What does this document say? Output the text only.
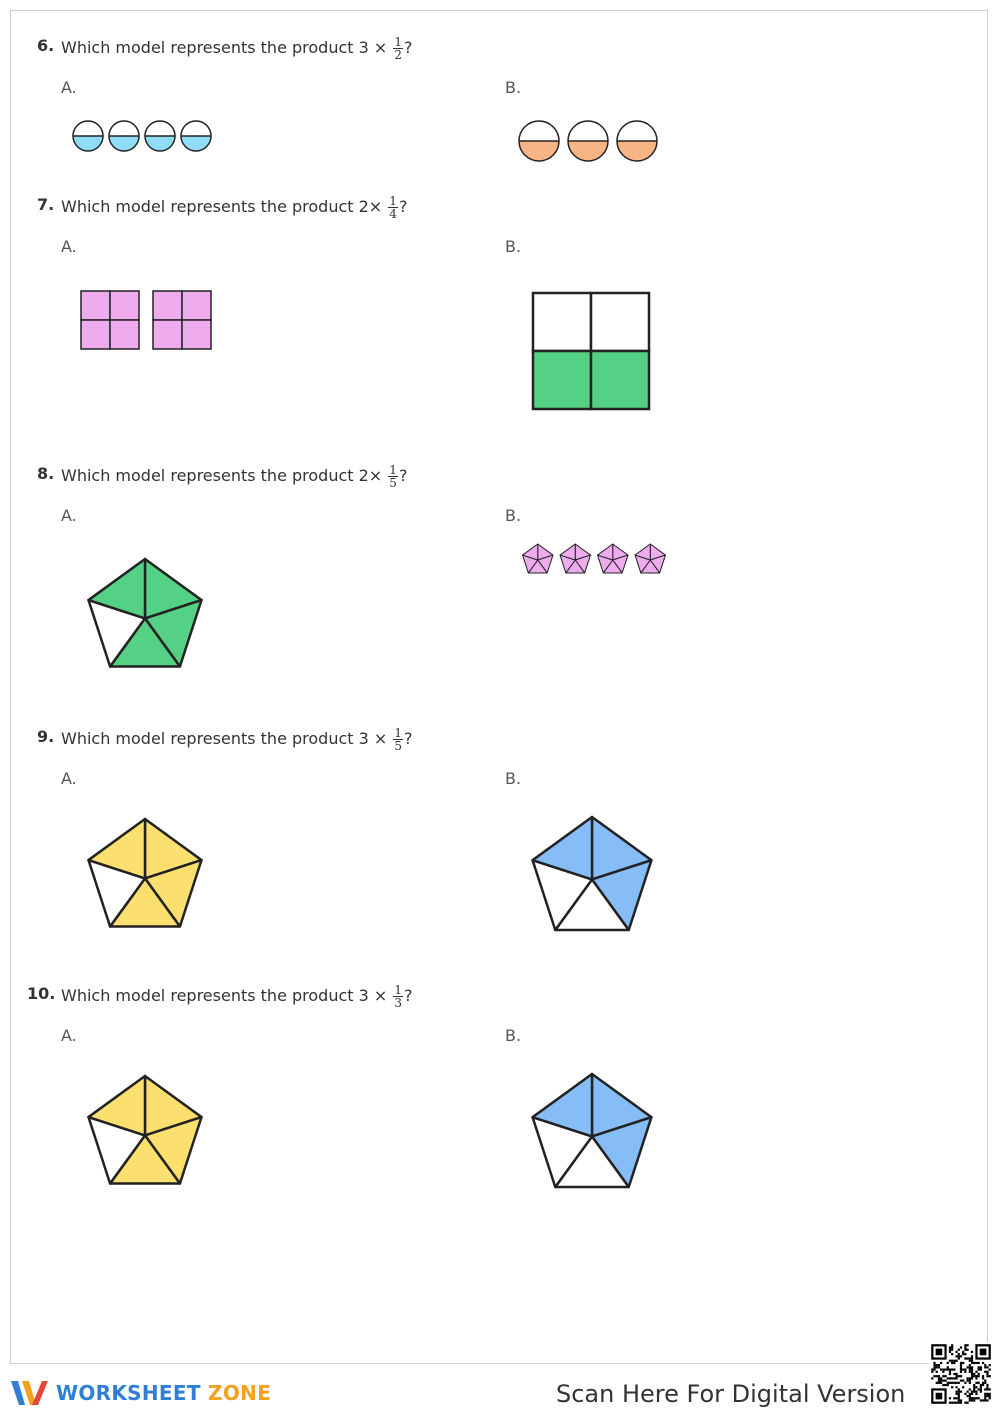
6. Which model represents the product $3 \times \frac{1}{2}$ ?
A.	B.
7. Which model represents the product $2\times \frac{1}{4}$ ?
A.	B.
8. Which model represents the product $2\times \frac{1}{5}$ ?
A.	B.
9. Which model represents the product $3 \times \frac{1}{5}$ ?
A.	B.
10. Which model represents the product $3 \times \frac{1}{3}$ ?
A.	B.
WORKSHEET ZONE	Scan Here For Digital Version
